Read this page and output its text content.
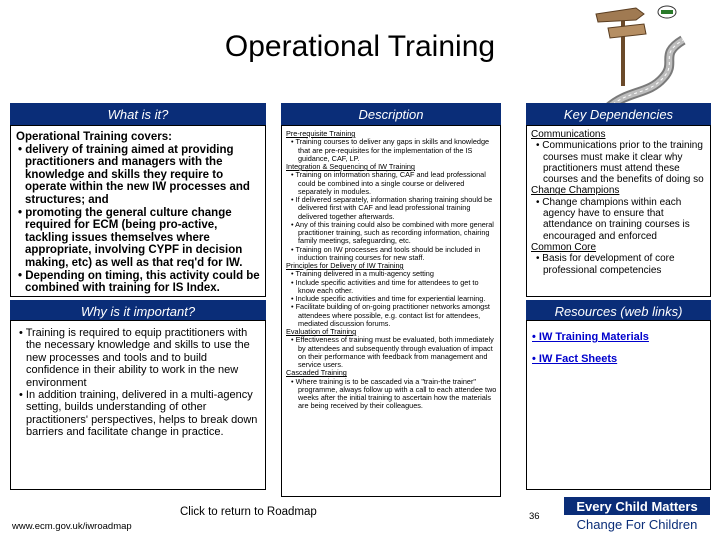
Operational Training
What is it?
Operational Training covers:
• delivery of training aimed at providing practitioners and managers with the knowledge and skills they require to operate within the new IW processes and structures; and
• promoting the general culture change required for ECM (being pro-active, tackling issues themselves where appropriate, involving CYPF in decision making, etc) as well as that req'd for IW.
• Depending on timing, this activity could be combined with training for IS Index.
Why is it important?
• Training is required to equip practitioners with the necessary knowledge and skills to use the new processes and tools and to build confidence in their ability to work in the new environment
• In addition training, delivered in a multi-agency setting, builds understanding of other practitioners' perspectives, helps to break down barriers and facilitate change in practice.
Description
Pre-requisite Training
• Training courses to deliver any gaps in skills and knowledge that are pre-requisites for the implementation of the IS guidance, CAF, LP.
Integration & Sequencing of IW Training
• Training on information sharing, CAF and lead professional could be combined into a single course or delivered separately in modules.
• If delivered separately, information sharing training should be delivered first with CAF and lead professional training delivered together afterwards.
• Any of this training could also be combined with more general practitioner training, such as recording information, chairing family meetings, safeguarding, etc.
• Training on IW processes and tools should be included in induction training courses for new staff.
Principles for Delivery of IW Training
• Training delivered in a multi-agency setting
• Include specific activities and time for attendees to get to know each other.
• Include specific activities and time for experiential learning.
• Facilitate building of on-going practitioner networks amongst attendees where possible, e.g. contact list for attendees, mediated discussion forums.
Evaluation of Training
• Effectiveness of training must be evaluated, both immediately by attendees and subsequently through evaluation of impact on their performance with feedback from management and service users.
Cascaded Training
• Where training is to be cascaded via a "train-the trainer" programme, always follow up with a call to each attendee two weeks after the initial training to ascertain how the materials are being received by their colleagues.
Key Dependencies
Communications
• Communications prior to the training courses must make it clear why practitioners must attend these courses and the benefits of doing so
Change Champions
• Change champions within each agency have to ensure that attendance on training courses is encouraged and enforced
Common Core
• Basis for development of core professional competencies
Resources (web links)
• IW Training Materials
• IW Fact Sheets
Click to return to Roadmap
www.ecm.gov.uk/iwroadmap
36
Every Child Matters
Change For Children
